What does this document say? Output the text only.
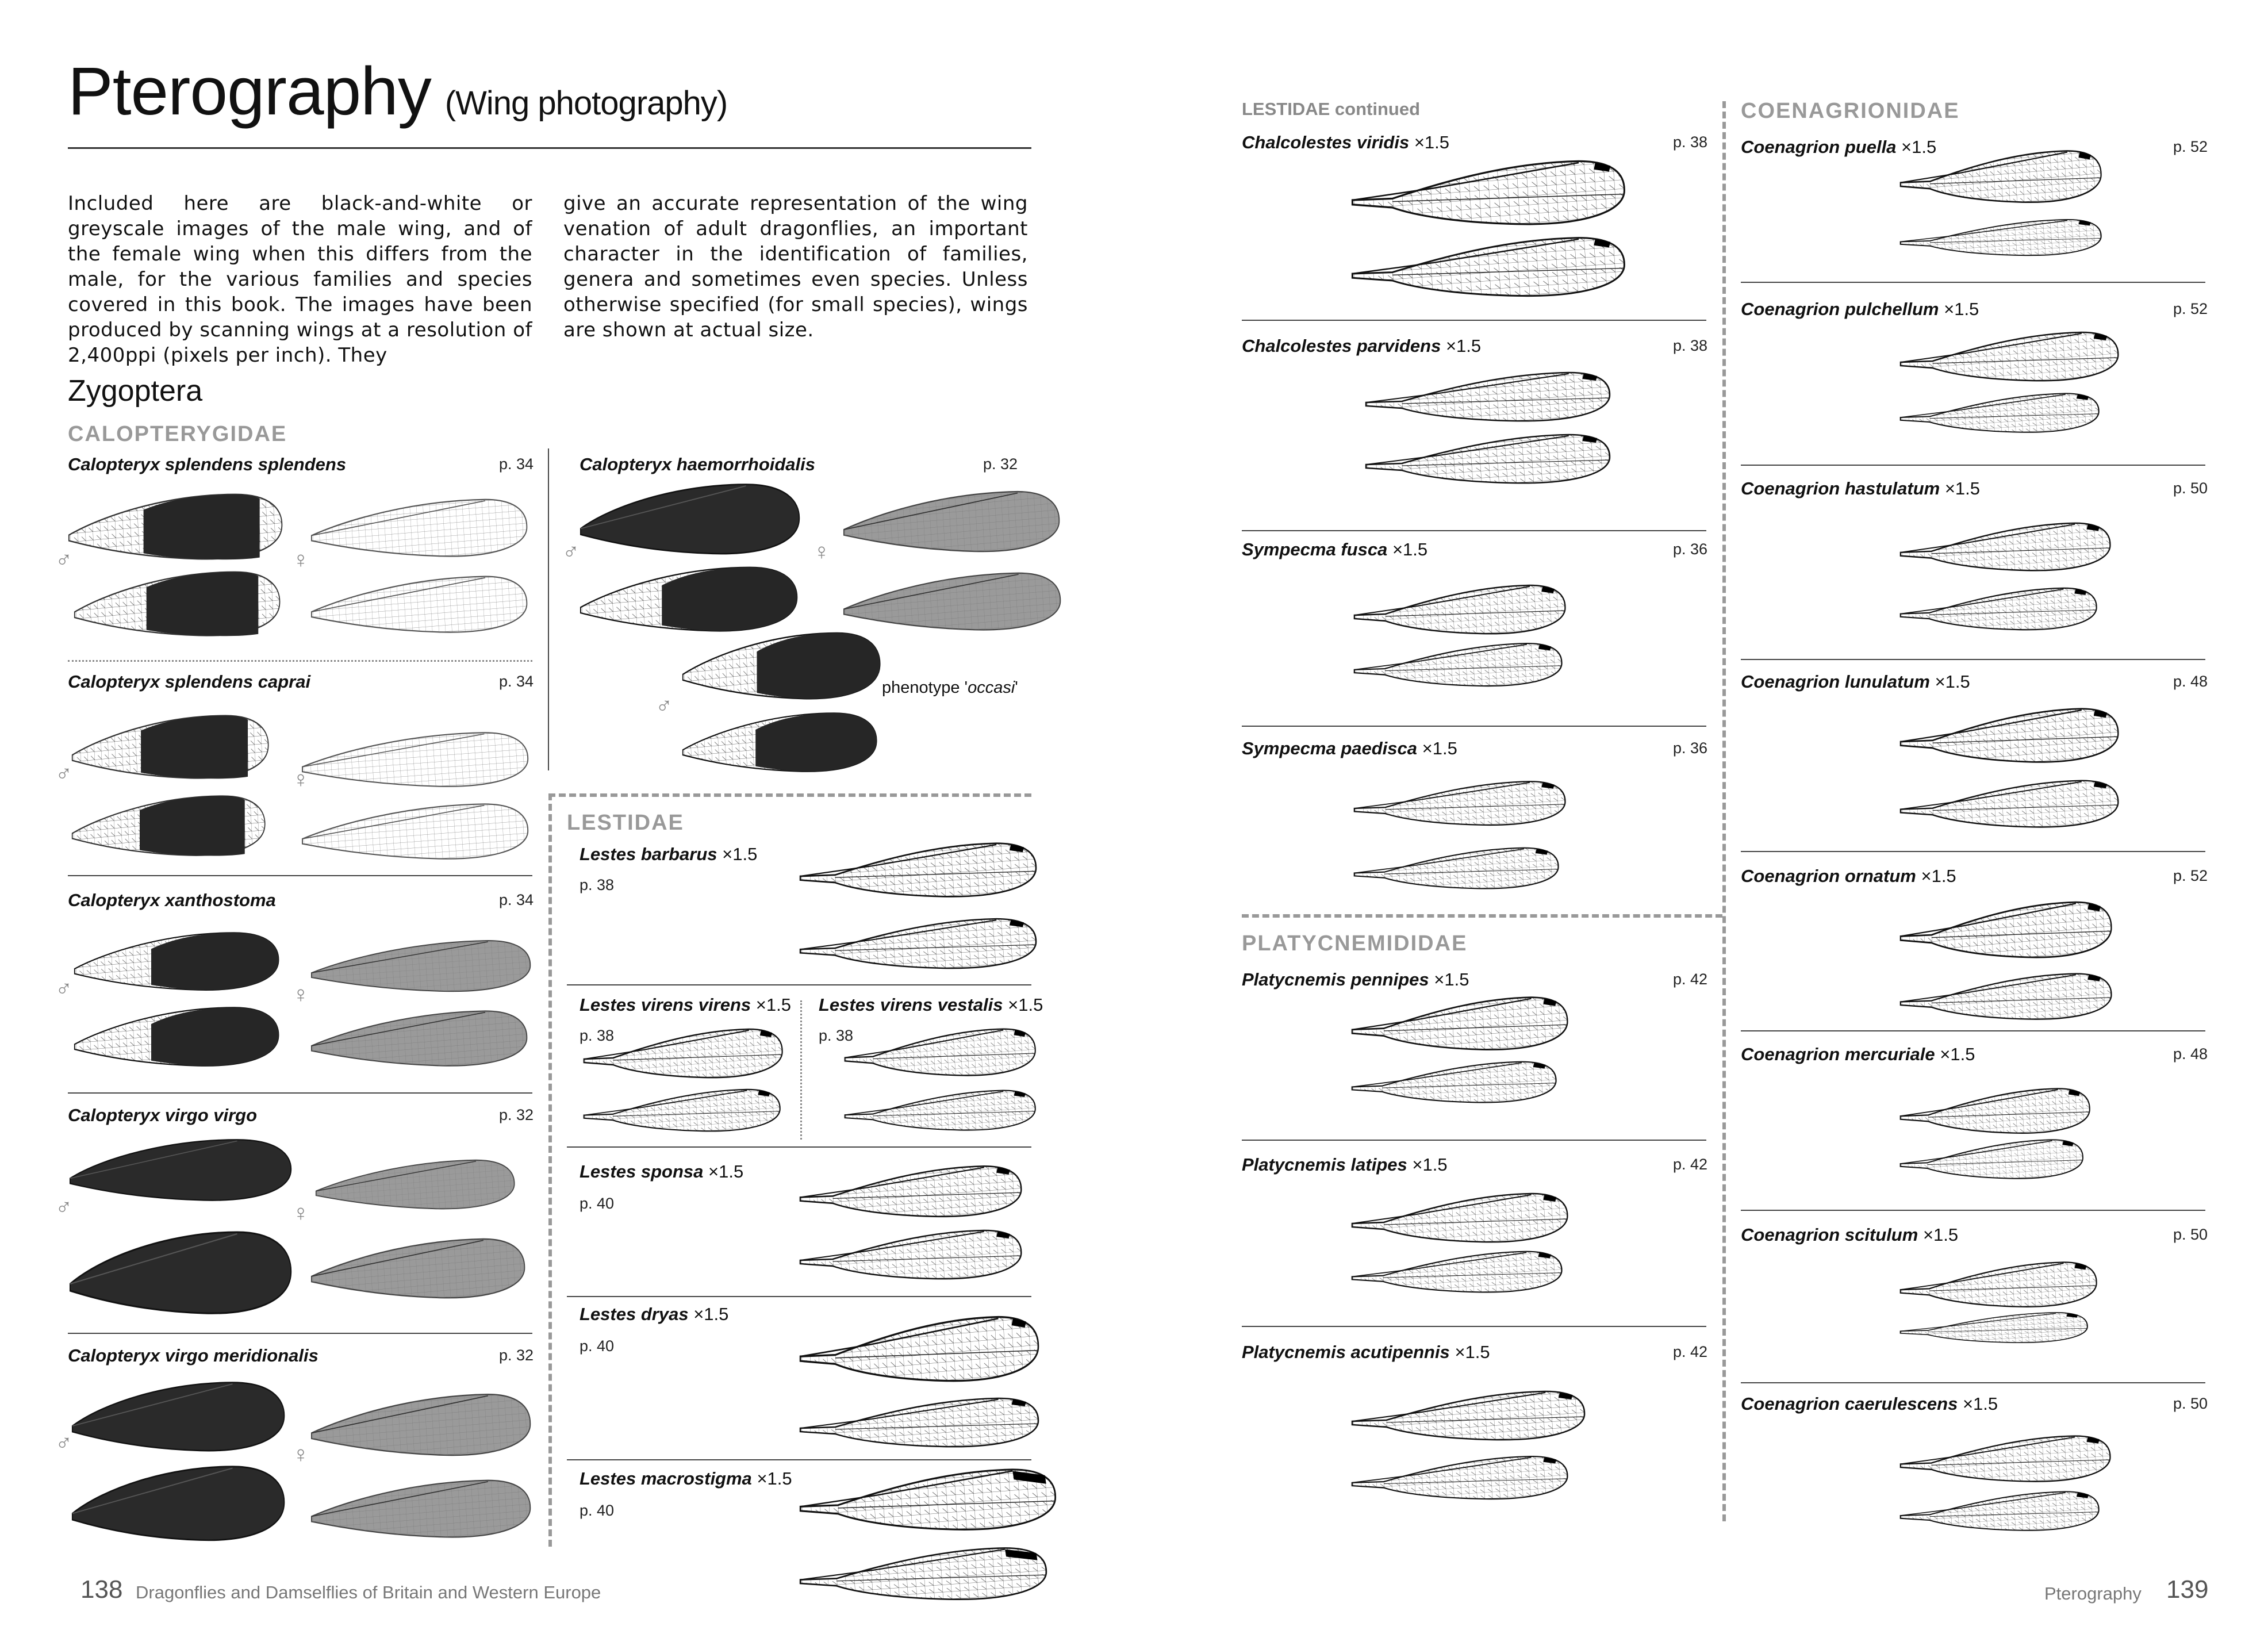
Pterography (Wing photography)
Included here are black-and-white or greyscale images of the male wing, and of the female wing when this differs from the male, for the various families and species covered in this book. The images have been produced by scanning wings at a resolution of 2,400ppi (pixels per inch). They
give an accurate representation of the wing venation of adult dragonflies, an important character in the identification of families, genera and sometimes even species. Unless otherwise specified (for small species), wings are shown at actual size.
Zygoptera
CALOPTERYGIDAE
Calopteryx splendens splendens	p. 34
♂	♀
Calopteryx splendens caprai	p. 34
♂	♀
Calopteryx xanthostoma	p. 34
♂	♀
Calopteryx virgo virgo	p. 32
♂	♀
Calopteryx virgo meridionalis	p. 32
♂	♀
Calopteryx haemorrhoidalis	p. 32
♂	♀
♂
phenotype 'occasi'
LESTIDAE
Lestes barbarus ×1.5
p. 38
Lestes virens virens ×1.5
p. 38
Lestes virens vestalis ×1.5
p. 38
Lestes sponsa ×1.5
p. 40
Lestes dryas ×1.5
p. 40
Lestes macrostigma ×1.5
p. 40
138 Dragonflies and Damselflies of Britain and Western Europe
LESTIDAE continued
Chalcolestes viridis ×1.5	p. 38
Chalcolestes parvidens ×1.5	p. 38
Sympecma fusca ×1.5	p. 36
Sympecma paedisca ×1.5	p. 36
PLATYCNEMIDIDAE
Platycnemis pennipes ×1.5	p. 42
Platycnemis latipes ×1.5	p. 42
Platycnemis acutipennis ×1.5	p. 42
COENAGRIONIDAE
Coenagrion puella ×1.5	p. 52
Coenagrion pulchellum ×1.5	p. 52
Coenagrion hastulatum ×1.5	p. 50
Coenagrion lunulatum ×1.5	p. 48
Coenagrion ornatum ×1.5	p. 52
Coenagrion mercuriale ×1.5	p. 48
Coenagrion scitulum ×1.5	p. 50
Coenagrion caerulescens ×1.5	p. 50
Pterography 139
